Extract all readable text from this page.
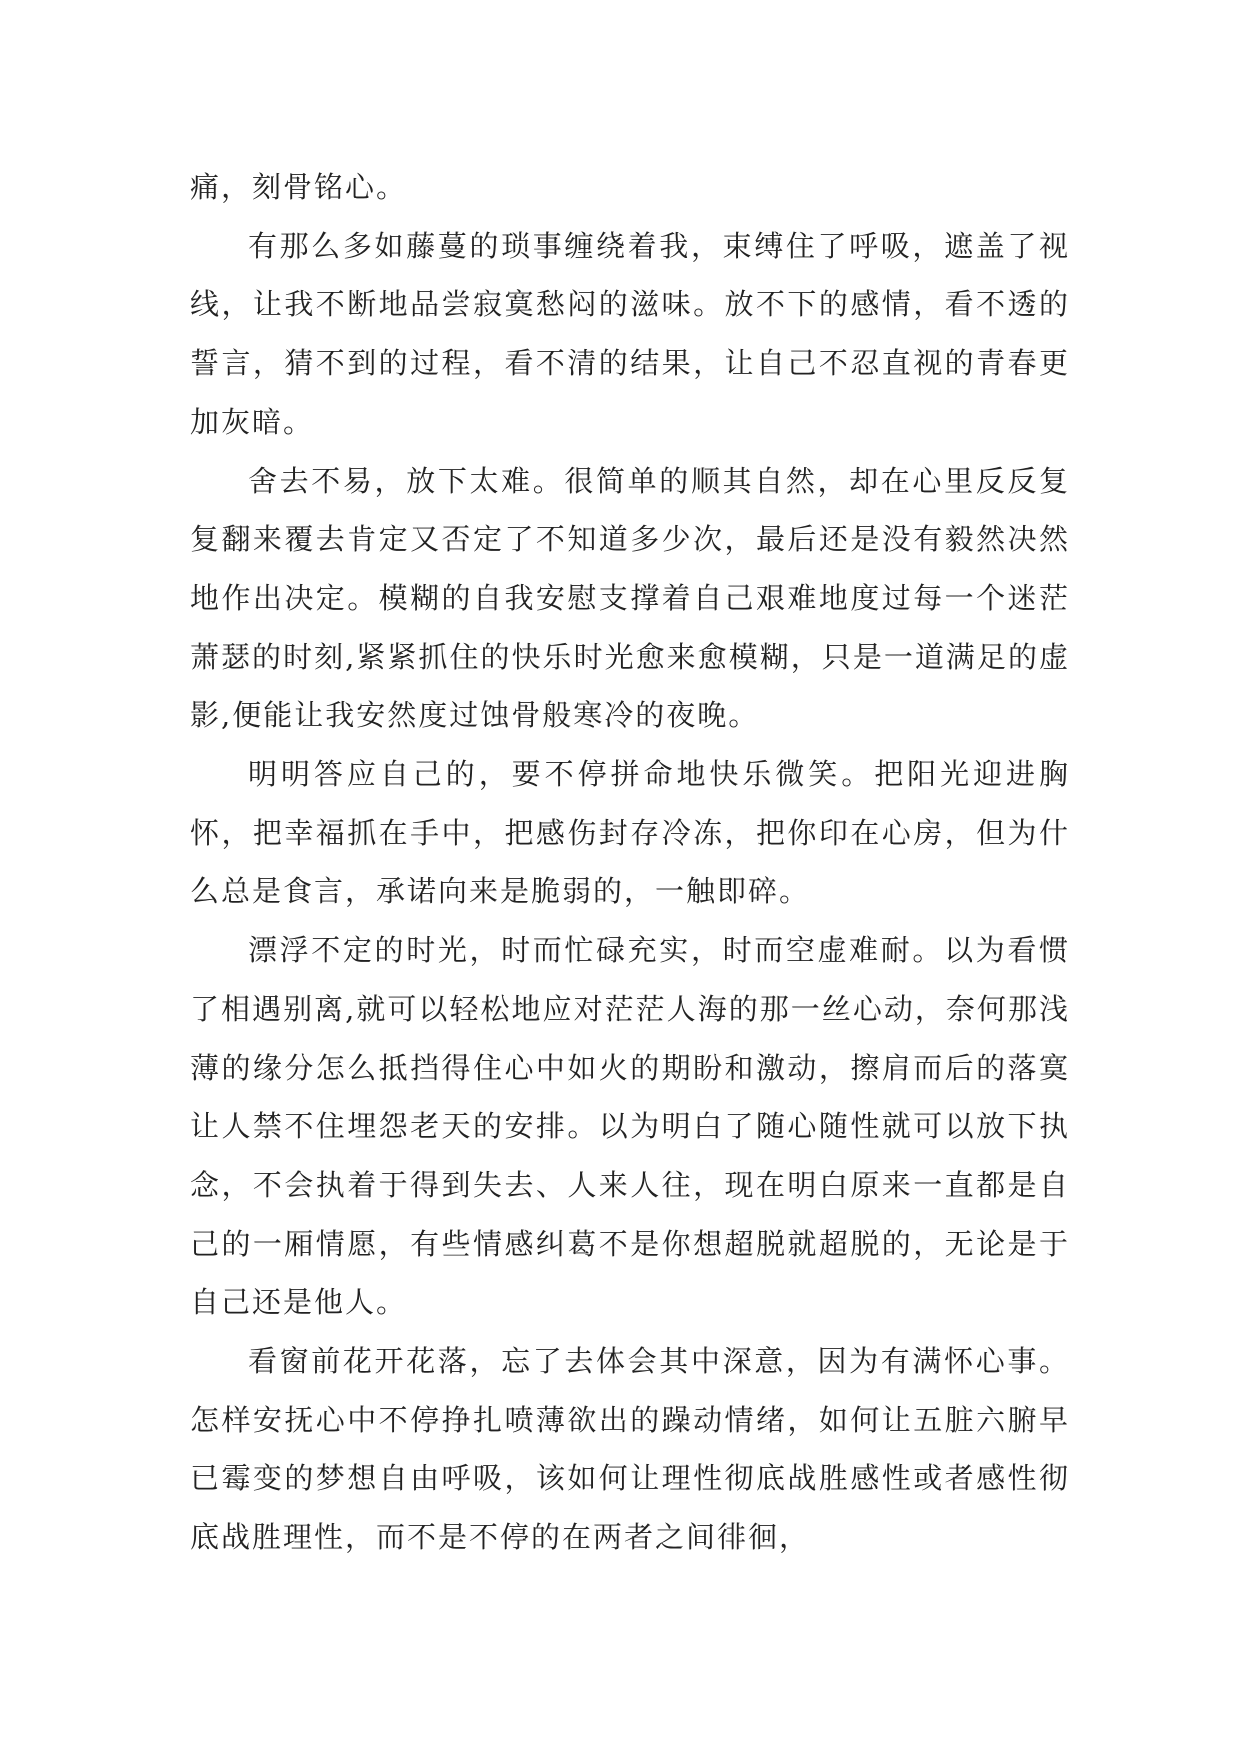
痛，刻骨铭心。

有那么多如藤蔓的琐事缠绕着我，束缚住了呼吸，遮盖了视线，让我不断地品尝寂寞愁闷的滋味。放不下的感情，看不透的誓言，猜不到的过程，看不清的结果，让自己不忍直视的青春更加灰暗。

舍去不易，放下太难。很简单的顺其自然，却在心里反反复复翻来覆去肯定又否定了不知道多少次，最后还是没有毅然决然地作出决定。模糊的自我安慰支撑着自己艰难地度过每一个迷茫萧瑟的时刻,紧紧抓住的快乐时光愈来愈模糊，只是一道满足的虚影,便能让我安然度过蚀骨般寒冷的夜晚。

明明答应自己的，要不停拼命地快乐微笑。把阳光迎进胸怀，把幸福抓在手中，把感伤封存冷冻，把你印在心房，但为什么总是食言，承诺向来是脆弱的，一触即碎。

漂浮不定的时光，时而忙碌充实，时而空虚难耐。以为看惯了相遇别离,就可以轻松地应对茫茫人海的那一丝心动，奈何那浅薄的缘分怎么抵挡得住心中如火的期盼和激动，擦肩而后的落寞让人禁不住埋怨老天的安排。以为明白了随心随性就可以放下执念，不会执着于得到失去、人来人往，现在明白原来一直都是自己的一厢情愿，有些情感纠葛不是你想超脱就超脱的，无论是于自己还是他人。

看窗前花开花落，忘了去体会其中深意，因为有满怀心事。怎样安抚心中不停挣扎喷薄欲出的躁动情绪，如何让五脏六腑早已霉变的梦想自由呼吸，该如何让理性彻底战胜感性或者感性彻底战胜理性，而不是不停的在两者之间徘徊，
